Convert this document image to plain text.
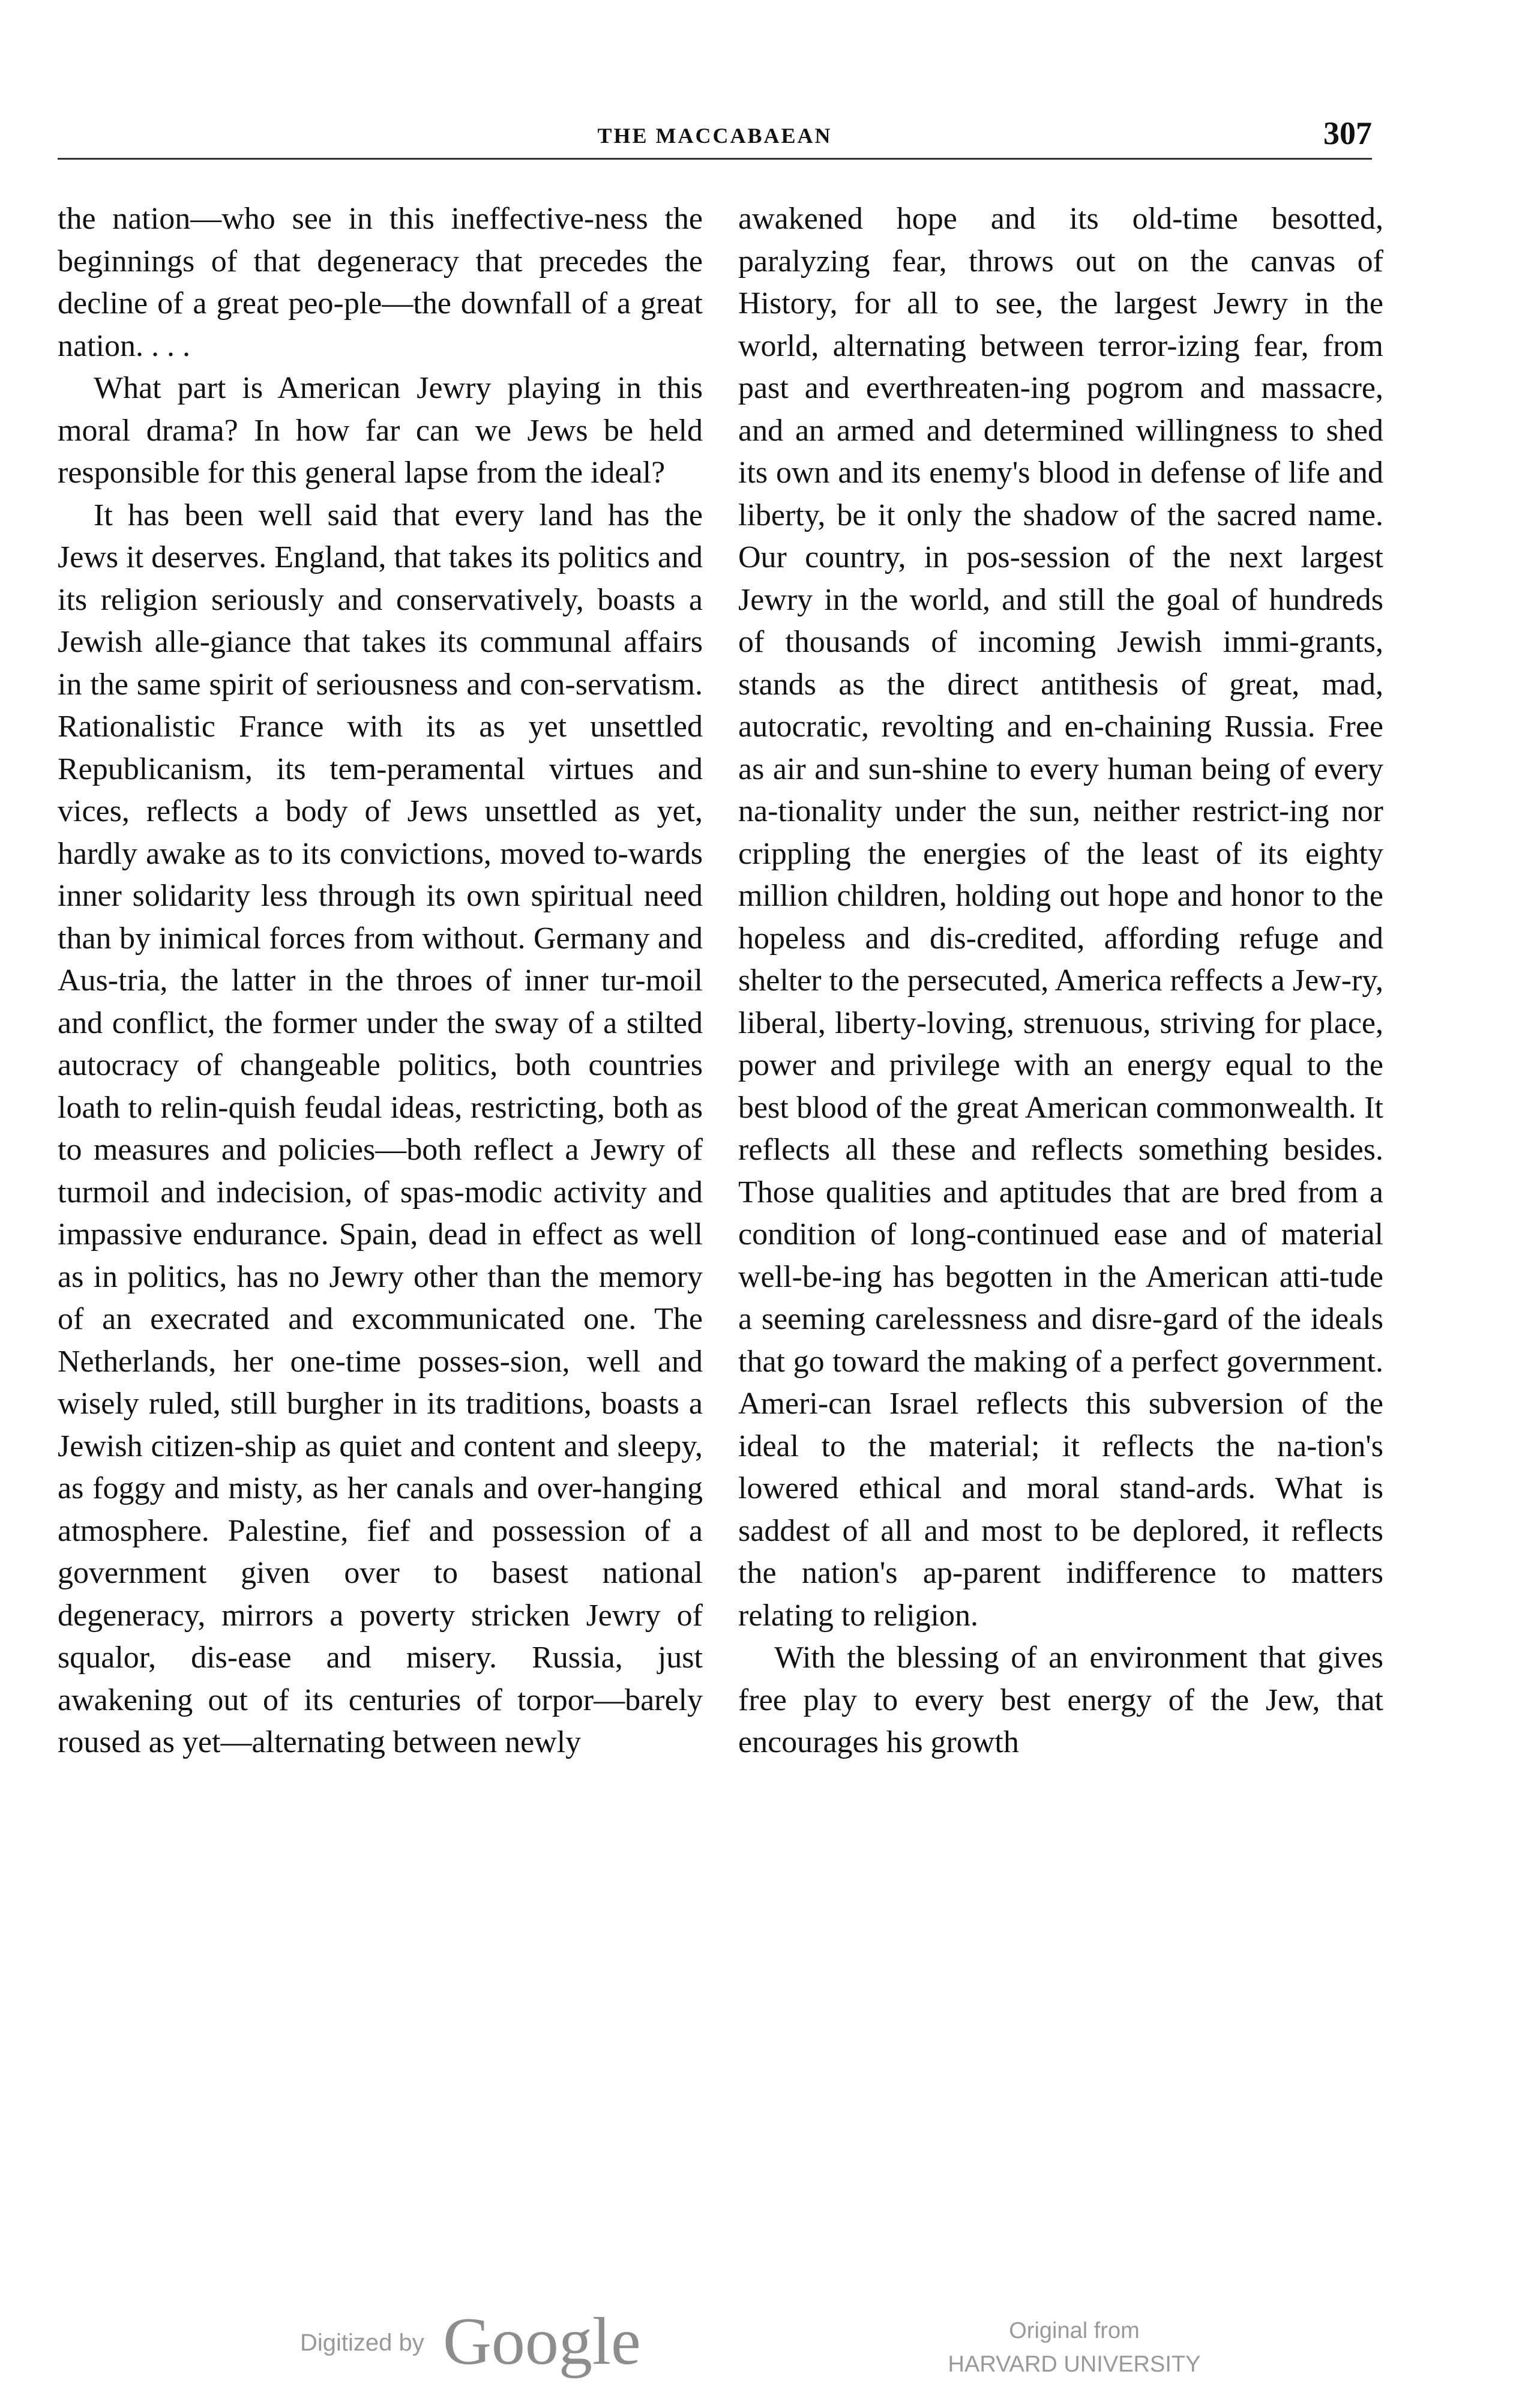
THE MACCABAEAN	307

the nation—who see in this ineffective-ness the beginnings of that degeneracy that precedes the decline of a great peo-ple—the downfall of a great nation. . . .

What part is American Jewry playing in this moral drama? In how far can we Jews be held responsible for this general lapse from the ideal?

It has been well said that every land has the Jews it deserves. England, that takes its politics and its religion seriously and conservatively, boasts a Jewish alle-giance that takes its communal affairs in the same spirit of seriousness and con-servatism. Rationalistic France with its as yet unsettled Republicanism, its tem-peramental virtues and vices, reflects a body of Jews unsettled as yet, hardly awake as to its convictions, moved to-wards inner solidarity less through its own spiritual need than by inimical forces from without. Germany and Aus-tria, the latter in the throes of inner tur-moil and conflict, the former under the sway of a stilted autocracy of changeable politics, both countries loath to relin-quish feudal ideas, restricting, both as to measures and policies—both reflect a Jewry of turmoil and indecision, of spas-modic activity and impassive endurance. Spain, dead in effect as well as in politics, has no Jewry other than the memory of an execrated and excommunicated one. The Netherlands, her one-time posses-sion, well and wisely ruled, still burgher in its traditions, boasts a Jewish citizen-ship as quiet and content and sleepy, as foggy and misty, as her canals and over-hanging atmosphere. Palestine, fief and possession of a government given over to basest national degeneracy, mirrors a poverty stricken Jewry of squalor, dis-ease and misery. Russia, just awakening out of its centuries of torpor—barely roused as yet—alternating between newly

awakened hope and its old-time besotted, paralyzing fear, throws out on the canvas of History, for all to see, the largest Jewry in the world, alternating between terror-izing fear, from past and everthreaten-ing pogrom and massacre, and an armed and determined willingness to shed its own and its enemy's blood in defense of life and liberty, be it only the shadow of the sacred name. Our country, in pos-session of the next largest Jewry in the world, and still the goal of hundreds of thousands of incoming Jewish immi-grants, stands as the direct antithesis of great, mad, autocratic, revolting and en-chaining Russia. Free as air and sun-shine to every human being of every na-tionality under the sun, neither restrict-ing nor crippling the energies of the least of its eighty million children, holding out hope and honor to the hopeless and dis-credited, affording refuge and shelter to the persecuted, America reffects a Jew-ry, liberal, liberty-loving, strenuous, striving for place, power and privilege with an energy equal to the best blood of the great American commonwealth. It reflects all these and reflects something besides. Those qualities and aptitudes that are bred from a condition of long-continued ease and of material well-be-ing has begotten in the American atti-tude a seeming carelessness and disre-gard of the ideals that go toward the making of a perfect government. Ameri-can Israel reflects this subversion of the ideal to the material; it reflects the na-tion's lowered ethical and moral stand-ards. What is saddest of all and most to be deplored, it reflects the nation's ap-parent indifference to matters relating to religion.

With the blessing of an environment that gives free play to every best energy of the Jew, that encourages his growth

Digitized by Google	Original from
HARVARD UNIVERSITY
